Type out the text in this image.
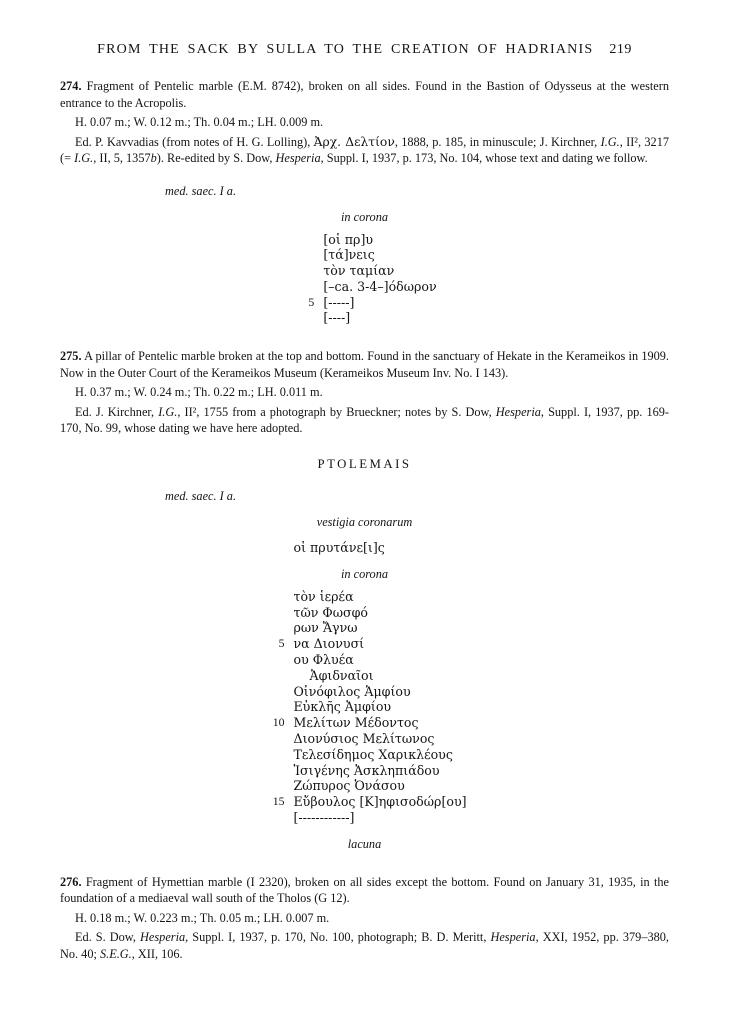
FROM THE SACK BY SULLA TO THE CREATION OF HADRIANIS 219

274. Fragment of Pentelic marble (E.M. 8742), broken on all sides. Found in the Bastion of Odysseus at the western entrance to the Acropolis.

H. 0.07 m.; W. 0.12 m.; Th. 0.04 m.; LH. 0.009 m.

Ed. P. Kavvadias (from notes of H. G. Lolling), Ἀρχ. Δελτίον, 1888, p. 185, in minuscule; J. Kirchner, I.G., II², 3217 (= I.G., II, 5, 1357b). Re-edited by S. Dow, Hesperia, Suppl. I, 1937, p. 173, No. 104, whose text and dating we follow.

med. saec. I a.

in corona

[οἱ πρ]υ
[τά]νεις
τὸν ταμίαν
[–ca. 3-4–]όδωρον
5 [-----]
[----]

275. A pillar of Pentelic marble broken at the top and bottom. Found in the sanctuary of Hekate in the Kerameikos in 1909. Now in the Outer Court of the Kerameikos Museum (Kerameikos Museum Inv. No. I 143).

H. 0.37 m.; W. 0.24 m.; Th. 0.22 m.; LH. 0.011 m.

Ed. J. Kirchner, I.G., II², 1755 from a photograph by Brueckner; notes by S. Dow, Hesperia, Suppl. I, 1937, pp. 169-170, No. 99, whose dating we have here adopted.

PTOLEMAIS

med. saec. I a.

vestigia coronarum

οἱ πρυτάνε[ι]ς

in corona

τὸν ἱερέα
τῶν Φωσφό
ρων Ἄγνω
5 να Διονυσί
ου Φλυέα
Ἀφιδναῖοι
Οἰνόφιλος Ἀμφίου
Εὐκλῆς Ἀμφίου
10 Μελίτων Μέδοντος
Διονύσιος Μελίτωνος
Τελεσίδημος Χαρικλέους
Ἰσιγένης Ἀσκληπιάδου
Ζώπυρος Ὀνάσου
15 Εὔβουλος [Κ]ηφισοδώρ[ου]
[------------]

lacuna

276. Fragment of Hymettian marble (I 2320), broken on all sides except the bottom. Found on January 31, 1935, in the foundation of a mediaeval wall south of the Tholos (G 12).

H. 0.18 m.; W. 0.223 m.; Th. 0.05 m.; LH. 0.007 m.

Ed. S. Dow, Hesperia, Suppl. I, 1937, p. 170, No. 100, photograph; B. D. Meritt, Hesperia, XXI, 1952, pp. 379–380, No. 40; S.E.G., XII, 106.
